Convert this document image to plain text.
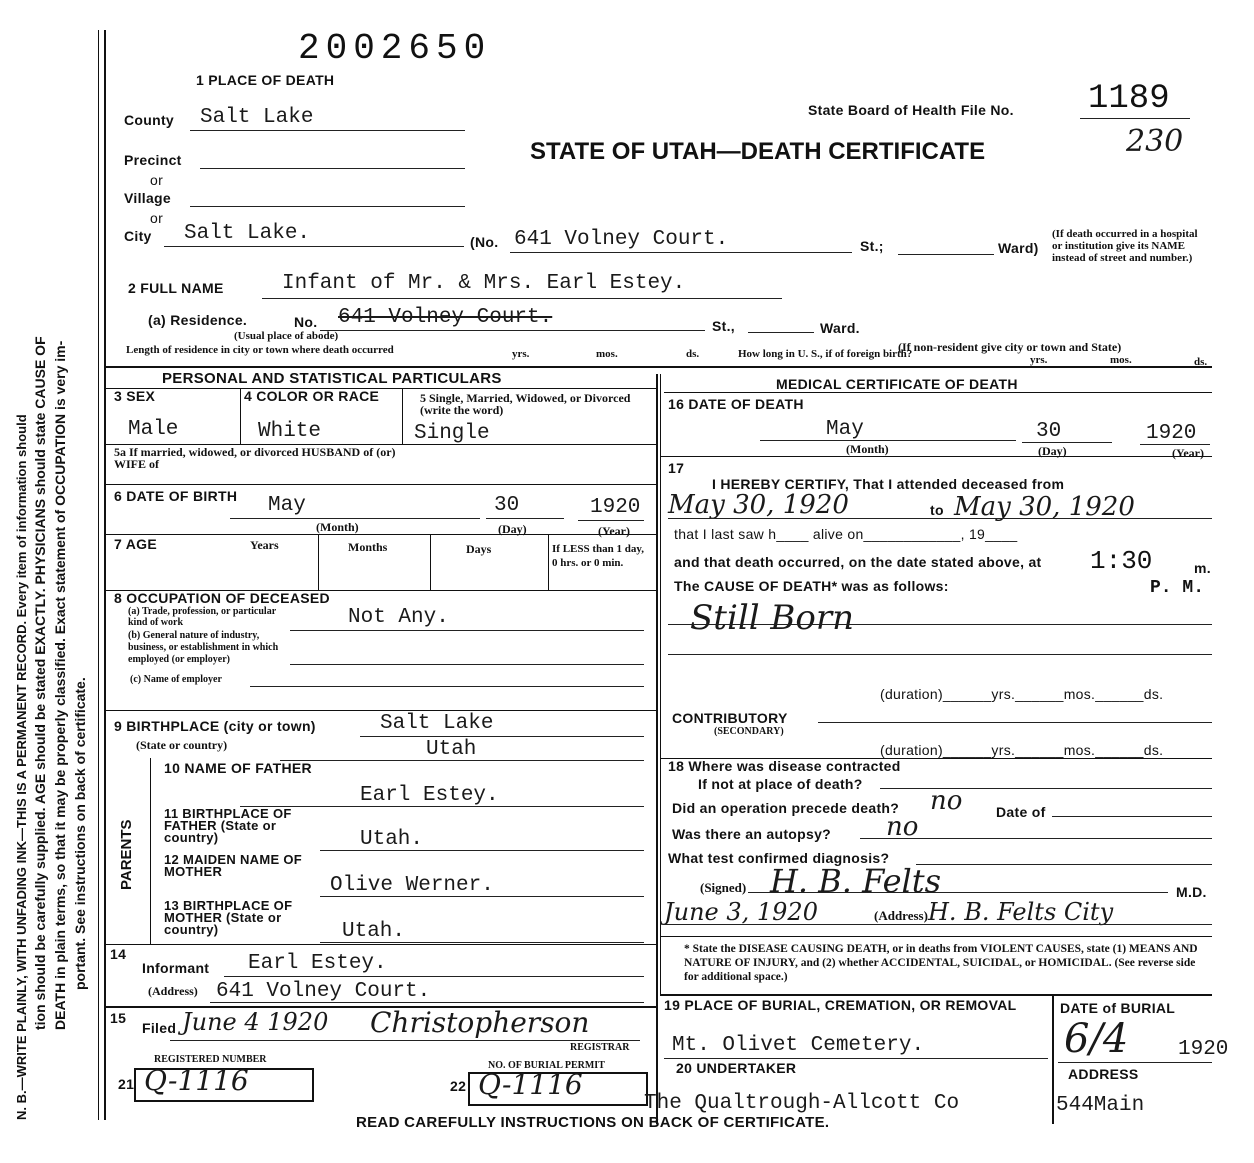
N. B.—WRITE PLAINLY, WITH UNFADING INK—THIS IS A PERMANENT RECORD. Every item of information should tion should be carefully supplied. AGE should be stated EXACTLY. PHYSICIANS should state CAUSE OF DEATH in plain terms, so that it may be properly classified. Exact statement of OCCUPATION is very im- portant. See instructions on back of certificate.
2002650
1 PLACE OF DEATH
State Board of Health File No. 1189
230
STATE OF UTAH—DEATH CERTIFICATE
County Salt Lake
Precinct
or
Village
or
City Salt Lake.	(No. 641 Volney Court.	St.;	Ward)
(If death occurred in a hospital or institution give its NAME instead of street and number.)
2 FULL NAME	Infant of Mr. & Mrs. Earl Estey.
(a) Residence.	No. 641 Volney Court.	St.,	Ward.
(Usual place of abode)
(If non-resident give city or town and State)
Length of residence in city or town where death occurred	yrs.	mos.	ds.	How long in U. S., if of foreign birth?	yrs.	mos.	ds.
PERSONAL AND STATISTICAL PARTICULARS	MEDICAL CERTIFICATE OF DEATH
3 SEX
Male
4 COLOR OR RACE
White
5 Single, Married, Widowed, or Divorced (write the word)
Single
5a If married, widowed, or divorced HUSBAND of (or) WIFE of
6 DATE OF BIRTH May	30	1920
(Month)	(Day)	(Year)
7 AGE	Years	Months	Days	If LESS than 1 day, 0 hrs. or 0 min.
8 OCCUPATION OF DECEASED
(a) Trade, profession, or particular kind of work	Not Any.
(b) General nature of industry, business, or establishment in which employed (or employer)
(c) Name of employer
9 BIRTHPLACE (city or town)	Salt Lake
(State or country)	Utah
PARENTS
10 NAME OF FATHER
Earl Estey.
11 BIRTHPLACE OF FATHER (State or country)	Utah.
12 MAIDEN NAME OF MOTHER
Olive Werner.
13 BIRTHPLACE OF MOTHER (State or country)	Utah.
14
Informant Earl Estey.
(Address) 641 Volney Court.
15
Filed June 4 1920 Christopherson
REGISTRAR
REGISTERED NUMBER
NO. OF BURIAL PERMIT
21 Q-1116	22 Q-1116
16 DATE OF DEATH
May	30	1920
(Month)	(Day)	(Year)
17
I HEREBY CERTIFY, That I attended deceased from
May 30, 1920	to May 30, 1920
that I last saw h____ alive on____________, 19____
and that death occurred, on the date stated above, at 1:30	m.
The CAUSE OF DEATH* was as follows:	P. M.
Still Born
(duration)______yrs.______mos.______ds.
CONTRIBUTORY
(SECONDARY)
(duration)______yrs.______mos.______ds.
18 Where was disease contracted
If not at place of death?
Did an operation precede death? no Date of
Was there an autopsy? no
What test confirmed diagnosis?
(Signed) H. B. Felts	M.D.
June 3, 1920	(Address) H. B. Felts City
* State the DISEASE CAUSING DEATH, or in deaths from VIOLENT CAUSES, state (1) MEANS AND NATURE OF INJURY, and (2) whether ACCIDENTAL, SUICIDAL, or HOMICIDAL. (See reverse side for additional space.)
19 PLACE OF BURIAL, CREMATION, OR REMOVAL	DATE of BURIAL
Mt. Olivet Cemetery.	6/4 1920
20 UNDERTAKER	ADDRESS
The Qualtrough-Allcott Co	544Main
READ CAREFULLY INSTRUCTIONS ON BACK OF CERTIFICATE.
